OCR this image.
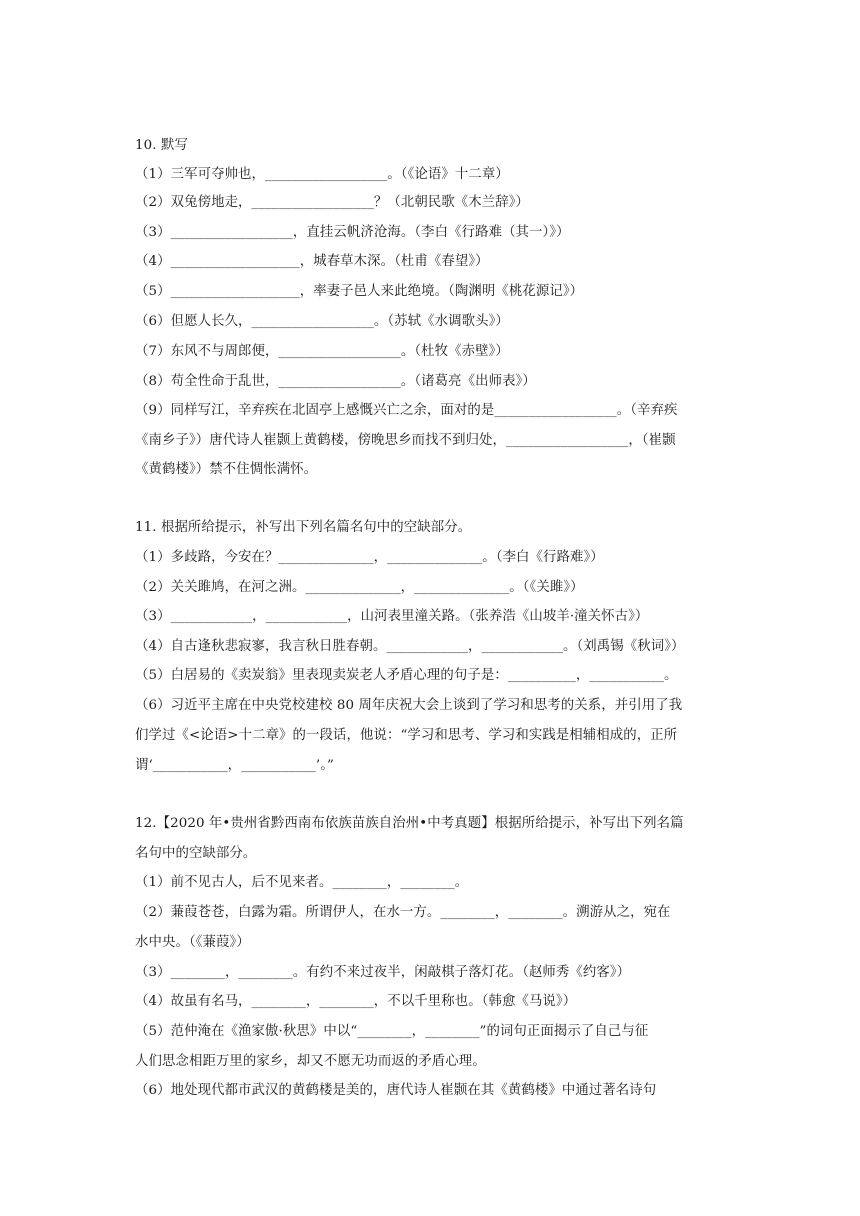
10. 默写
（1）三军可夺帅也，__________________。（《论语》十二章）
（2）双兔傍地走，__________________？（北朝民歌《木兰辞》）
（3）__________________，直挂云帆济沧海。（李白《行路难（其一）》）
（4）___________________，城春草木深。（杜甫《春望》）
（5）___________________，率妻子邑人来此绝境。（陶渊明《桃花源记》）
（6）但愿人长久，__________________。（苏轼《水调歌头》）
（7）东风不与周郎便，__________________。（杜牧《赤壁》）
（8）苟全性命于乱世，__________________。（诸葛亮《出师表》）
（9）同样写江，辛弃疾在北固亭上感慨兴亡之余，面对的是__________________。（辛弃疾
《南乡子》）唐代诗人崔颢上黄鹤楼，傍晚思乡而找不到归处，__________________，（崔颢
《黄鹤楼》）禁不住惆怅满怀。
11. 根据所给提示，补写出下列名篇名句中的空缺部分。
（1）多歧路，今安在？______________，______________。（李白《行路难》）
（2）关关雎鸠，在河之洲。______________，______________。（《关雎》）
（3）____________，____________，山河表里潼关路。（张养浩《山坡羊·潼关怀古》）
（4）自古逢秋悲寂寥，我言秋日胜春朝。____________，____________。（刘禹锡《秋词》）
（5）白居易的《卖炭翁》里表现卖炭老人矛盾心理的句子是：__________，___________。
（6）习近平主席在中央党校建校 80 周年庆祝大会上谈到了学习和思考的关系，并引用了我
们学过《<论语>十二章》的一段话，他说：“学习和思考、学习和实践是相辅相成的，正所
谓‘___________，___________’。”
12.【2020 年•贵州省黔西南布依族苗族自治州•中考真题】根据所给提示，补写出下列名篇
名句中的空缺部分。
（1）前不见古人，后不见来者。________，________。
（2）蒹葭苍苍，白露为霜。所谓伊人，在水一方。________，________。溯游从之，宛在
水中央。（《蒹葭》）
（3）________，________。有约不来过夜半，闲敲棋子落灯花。（赵师秀《约客》）
（4）故虽有名马，________，________，不以千里称也。（韩愈《马说》）
（5）范仲淹在《渔家傲·秋思》中以“________，________”的词句正面揭示了自己与征
人们思念相距万里的家乡，却又不愿无功而返的矛盾心理。
（6）地处现代都市武汉的黄鹤楼是美的，唐代诗人崔颢在其《黄鹤楼》中通过著名诗句
